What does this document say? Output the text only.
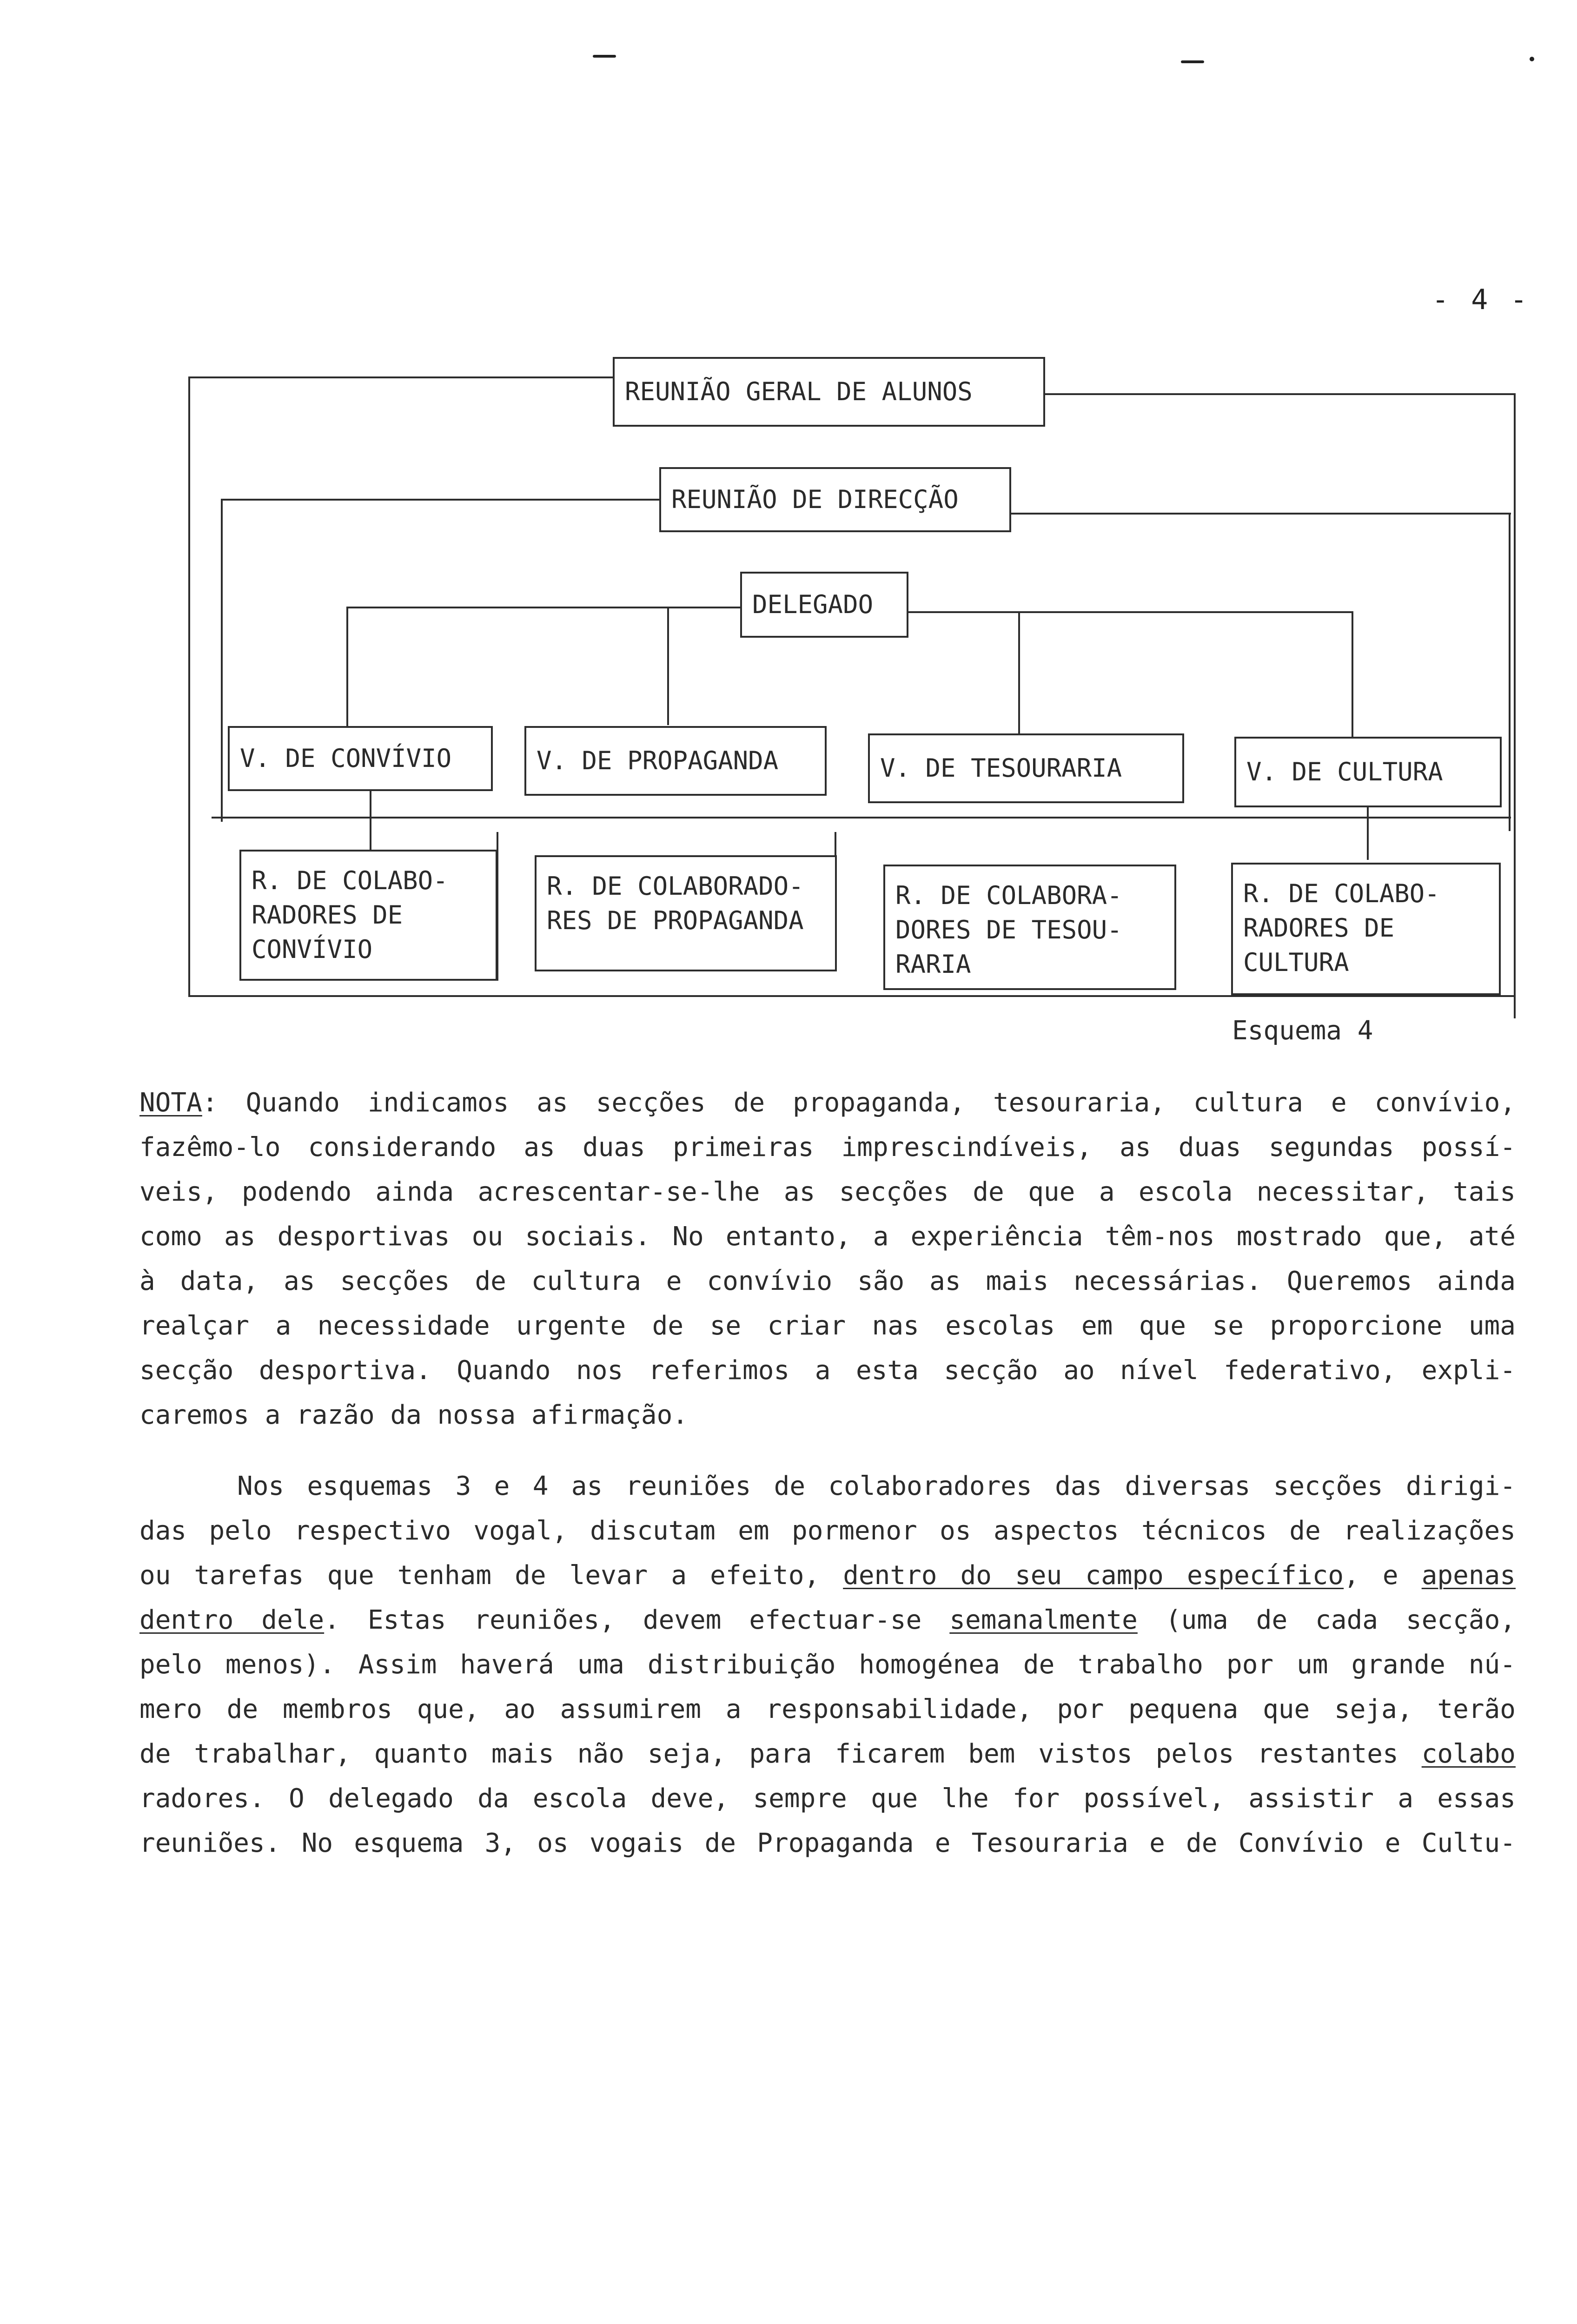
- 4 -
REUNIÃO GERAL DE ALUNOS
REUNIÃO DE DIRECÇÃO
DELEGADO
V. DE CONVÍVIO	V. DE PROPAGANDA	V. DE TESOURARIA	V. DE CULTURA
R. DE COLABO-
RADORES DE
CONVÍVIO
R. DE COLABORADO-
RES DE PROPAGANDA
R. DE COLABORA-
DORES DE TESOU-
RARIA
R. DE COLABO-
RADORES DE
CULTURA
Esquema 4
NOTA: Quando indicamos as secções de propaganda, tesouraria, cultura e convívio,
fazêmo-lo considerando as duas primeiras imprescindíveis, as duas segundas possí-
veis, podendo ainda acrescentar-se-lhe as secções de que a escola necessitar, tais
como as desportivas ou sociais. No entanto, a experiência têm-nos mostrado que, até
à data, as secções de cultura e convívio são as mais necessárias. Queremos ainda
realçar a necessidade urgente de se criar nas escolas em que se proporcione uma
secção desportiva. Quando nos referimos a esta secção ao nível federativo, expli-
caremos a razão da nossa afirmação.
Nos esquemas 3 e 4 as reuniões de colaboradores das diversas secções dirigi-
das pelo respectivo vogal, discutam em pormenor os aspectos técnicos de realizações
ou tarefas que tenham de levar a efeito, dentro do seu campo específico, e apenas
dentro dele. Estas reuniões, devem efectuar-se semanalmente (uma de cada secção,
pelo menos). Assim haverá uma distribuição homogénea de trabalho por um grande nú-
mero de membros que, ao assumirem a responsabilidade, por pequena que seja, terão
de trabalhar, quanto mais não seja, para ficarem bem vistos pelos restantes colabo
radores. O delegado da escola deve, sempre que lhe for possível, assistir a essas
reuniões. No esquema 3, os vogais de Propaganda e Tesouraria e de Convívio e Cultu-
